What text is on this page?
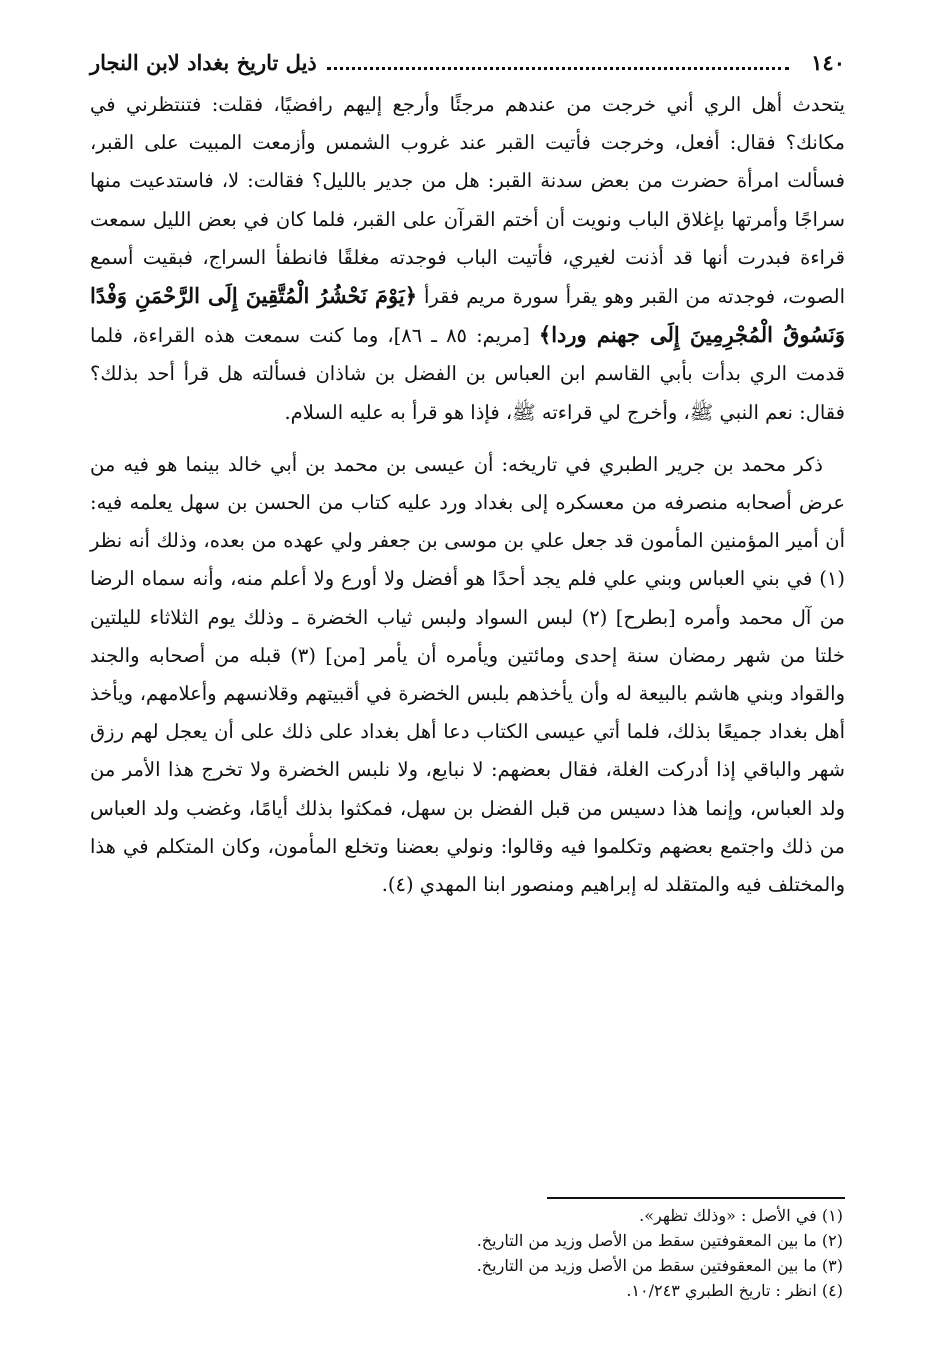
١٤٠
ذيل تاريخ بغداد لابن النجار

يتحدث أهل الري أني خرجت من عندهم مرجئًا وأرجع إليهم رافضيًا، فقلت: فتنتظرني في مكانك؟ فقال: أفعل، وخرجت فأتيت القبر عند غروب الشمس وأزمعت المبيت على القبر، فسألت امرأة حضرت من بعض سدنة القبر: هل من جدير بالليل؟ فقالت: لا، فاستدعيت منها سراجًا وأمرتها بإغلاق الباب ونويت أن أختم القرآن على القبر، فلما كان في بعض الليل سمعت قراءة فبدرت أنها قد أذنت لغيري، فأتيت الباب فوجدته مغلقًا فانطفأ السراج، فبقيت أسمع الصوت، فوجدته من القبر وهو يقرأ سورة مريم فقرأ ﴿يَوْمَ نَحْشُرُ الْمُتَّقِينَ إِلَى الرَّحْمَنِ وَفْدًا وَنَسُوقُ الْمُجْرِمِينَ إِلَى جهنم وردا﴾ [مريم: ٨٥ ـ ٨٦]، وما كنت سمعت هذه القراءة، فلما قدمت الري بدأت بأبي القاسم ابن العباس بن الفضل بن شاذان فسألته هل قرأ أحد بذلك؟ فقال: نعم النبي ﷺ، وأخرج لي قراءته ﷺ، فإذا هو قرأ به عليه السلام.

ذكر محمد بن جرير الطبري في تاريخه: أن عيسى بن محمد بن أبي خالد بينما هو فيه من عرض أصحابه منصرفه من معسكره إلى بغداد ورد عليه كتاب من الحسن بن سهل يعلمه فيه: أن أمير المؤمنين المأمون قد جعل علي بن موسى بن جعفر ولي عهده من بعده، وذلك أنه نظر (١) في بني العباس وبني علي فلم يجد أحدًا هو أفضل ولا أورع ولا أعلم منه، وأنه سماه الرضا من آل محمد وأمره [بطرح] (٢) لبس السواد ولبس ثياب الخضرة ـ وذلك يوم الثلاثاء لليلتين خلتا من شهر رمضان سنة إحدى ومائتين ويأمره أن يأمر [من] (٣) قبله من أصحابه والجند والقواد وبني هاشم بالبيعة له وأن يأخذهم بلبس الخضرة في أقبيتهم وقلانسهم وأعلامهم، ويأخذ أهل بغداد جميعًا بذلك، فلما أتي عيسى الكتاب دعا أهل بغداد على ذلك على أن يعجل لهم رزق شهر والباقي إذا أدركت الغلة، فقال بعضهم: لا نبايع، ولا نلبس الخضرة ولا تخرج هذا الأمر من ولد العباس، وإنما هذا دسيس من قبل الفضل بن سهل، فمكثوا بذلك أيامًا، وغضب ولد العباس من ذلك واجتمع بعضهم وتكلموا فيه وقالوا: ونولي بعضنا وتخلع المأمون، وكان المتكلم في هذا والمختلف فيه والمتقلد له إبراهيم ومنصور ابنا المهدي (٤).

(١) في الأصل : «وذلك تظهر».

(٢) ما بين المعقوفتين سقط من الأصل وزيد من التاريخ.

(٣) ما بين المعقوفتين سقط من الأصل وزيد من التاريخ.

(٤) انظر : تاريخ الطبري ١٠/٢٤٣.
